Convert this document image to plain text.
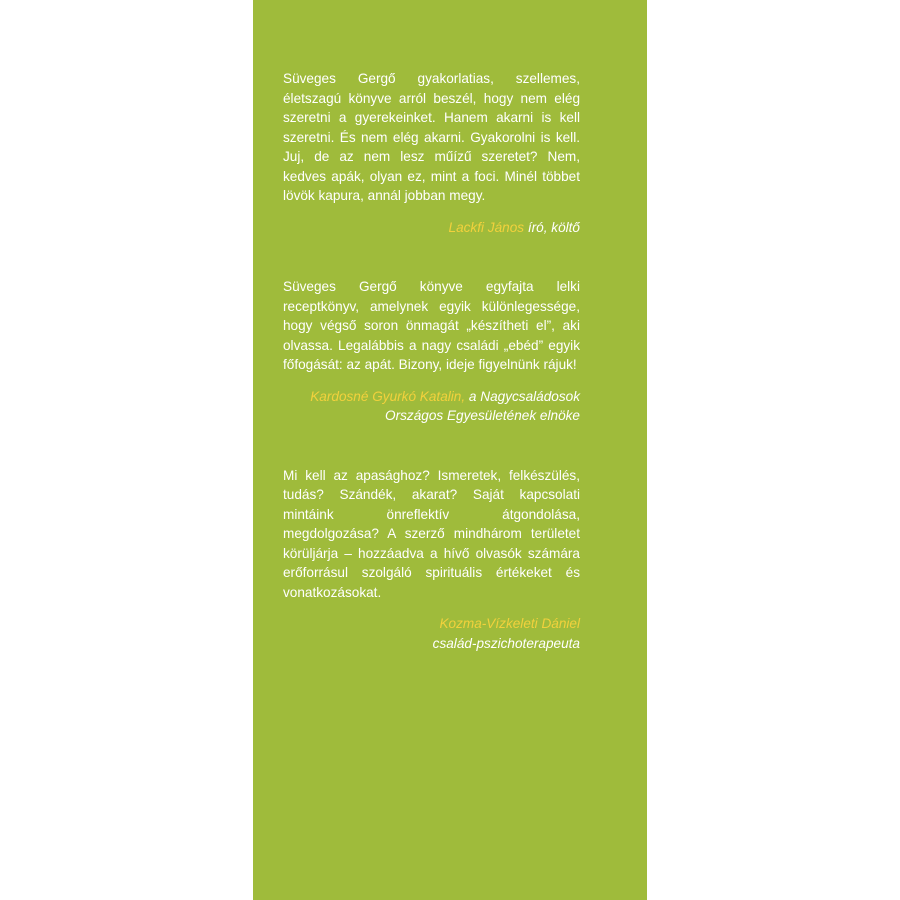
Süveges Gergő gyakorlatias, szellemes, életszagú könyve arról beszél, hogy nem elég szeretni a gyerekeinket. Hanem akarni is kell szeretni. És nem elég akarni. Gyakorolni is kell. Juj, de az nem lesz műízű szeretet? Nem, kedves apák, olyan ez, mint a foci. Minél többet lövök kapura, annál jobban megy.

Lackfi János író, költő

Süveges Gergő könyve egyfajta lelki receptkönyv, amelynek egyik különlegessége, hogy végső soron önmagát „készítheti el”, aki olvassa. Legalábbis a nagy családi „ebéd” egyik főfogását: az apát. Bizony, ideje figyelnünk rájuk!

Kardosné Gyurkó Katalin, a Nagycsaládosok
Országos Egyesületének elnöke

Mi kell az apasághoz? Ismeretek, felkészülés, tudás? Szándék, akarat? Saját kapcsolati mintáink önreflektív átgondolása, megdolgozása? A szerző mindhárom területet körüljárja – hozzáadva a hívő olvasók számára erőforrásul szolgáló spirituális értékeket és vonatkozásokat.

Kozma-Vízkeleti Dániel
család-pszichoterapeuta
